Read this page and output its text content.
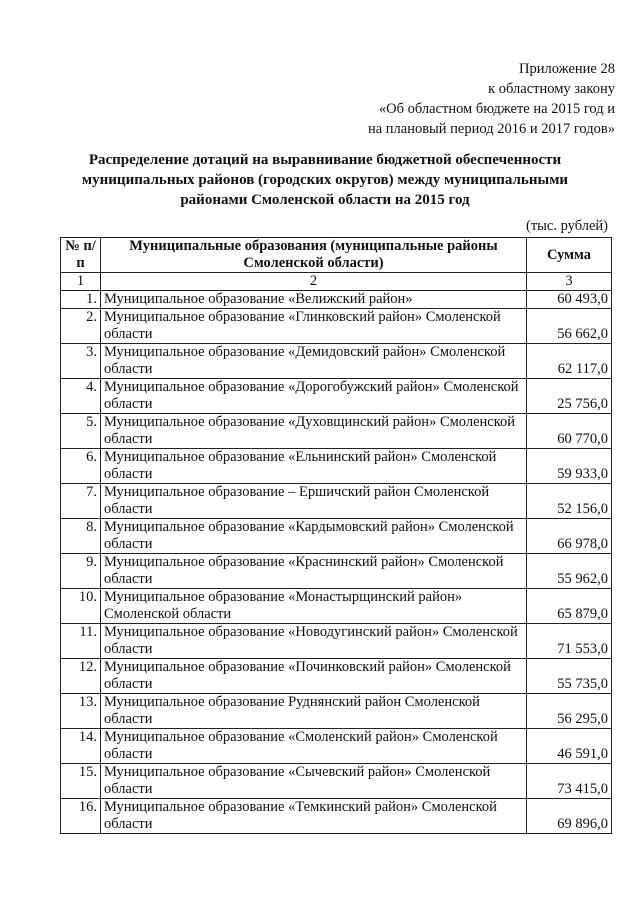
Приложение 28
к областному закону
«Об областном бюджете на 2015 год и
на плановый период 2016 и 2017 годов»
Распределение дотаций на выравнивание бюджетной обеспеченности
муниципальных районов (городских округов) между муниципальными
районами Смоленской области на 2015 год
(тыс. рублей)
№ п/п	Муниципальные образования (муниципальные районы Смоленской области)	Сумма
1	2	3
1.	Муниципальное образование «Велижский район»	60 493,0
2.	Муниципальное образование «Глинковский район» Смоленской области	56 662,0
3.	Муниципальное образование «Демидовский район» Смоленской области	62 117,0
4.	Муниципальное образование «Дорогобужский район» Смоленской области	25 756,0
5.	Муниципальное образование «Духовщинский район» Смоленской области	60 770,0
6.	Муниципальное образование «Ельнинский район» Смоленской области	59 933,0
7.	Муниципальное образование – Ершичский район Смоленской области	52 156,0
8.	Муниципальное образование «Кардымовский район» Смоленской области	66 978,0
9.	Муниципальное образование «Краснинский район» Смоленской области	55 962,0
10.	Муниципальное образование «Монастырщинский район» Смоленской области	65 879,0
11.	Муниципальное образование «Новодугинский район» Смоленской области	71 553,0
12.	Муниципальное образование «Починковский район» Смоленской области	55 735,0
13.	Муниципальное образование Руднянский район Смоленской области	56 295,0
14.	Муниципальное образование «Смоленский район» Смоленской области	46 591,0
15.	Муниципальное образование «Сычевский район» Смоленской области	73 415,0
16.	Муниципальное образование «Темкинский район» Смоленской области	69 896,0
